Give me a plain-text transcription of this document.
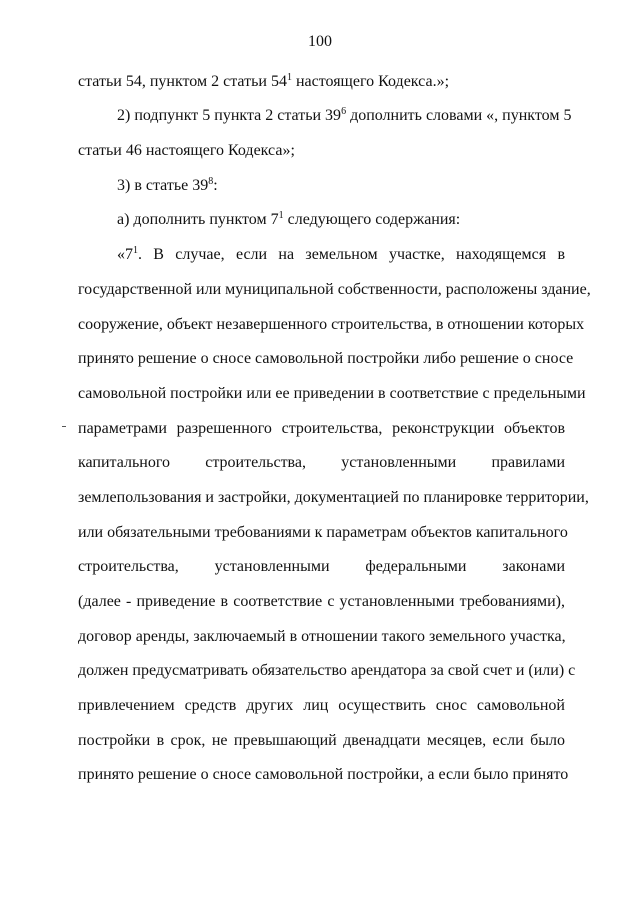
100
статьи 54, пунктом 2 статьи $54^1$ настоящего Кодекса.»;
2) подпункт 5 пункта 2 статьи $39^6$ дополнить словами «, пунктом 5
статьи 46 настоящего Кодекса»;
3) в статье $39^8$:
а) дополнить пунктом $7^1$ следующего содержания:
«$7^1$. В случае, если на земельном участке, находящемся в
государственной или муниципальной собственности, расположены здание,
сооружение, объект незавершенного строительства, в отношении которых
принято решение о сносе самовольной постройки либо решение о сносе
самовольной постройки или ее приведении в соответствие с предельными
параметрами разрешенного строительства, реконструкции объектов
капитального строительства, установленными правилами
землепользования и застройки, документацией по планировке территории,
или обязательными требованиями к параметрам объектов капитального
строительства, установленными федеральными законами
(далее - приведение в соответствие с установленными требованиями),
договор аренды, заключаемый в отношении такого земельного участка,
должен предусматривать обязательство арендатора за свой счет и (или) с
привлечением средств других лиц осуществить снос самовольной
постройки в срок, не превышающий двенадцати месяцев, если было
принято решение о сносе самовольной постройки, а если было принято
